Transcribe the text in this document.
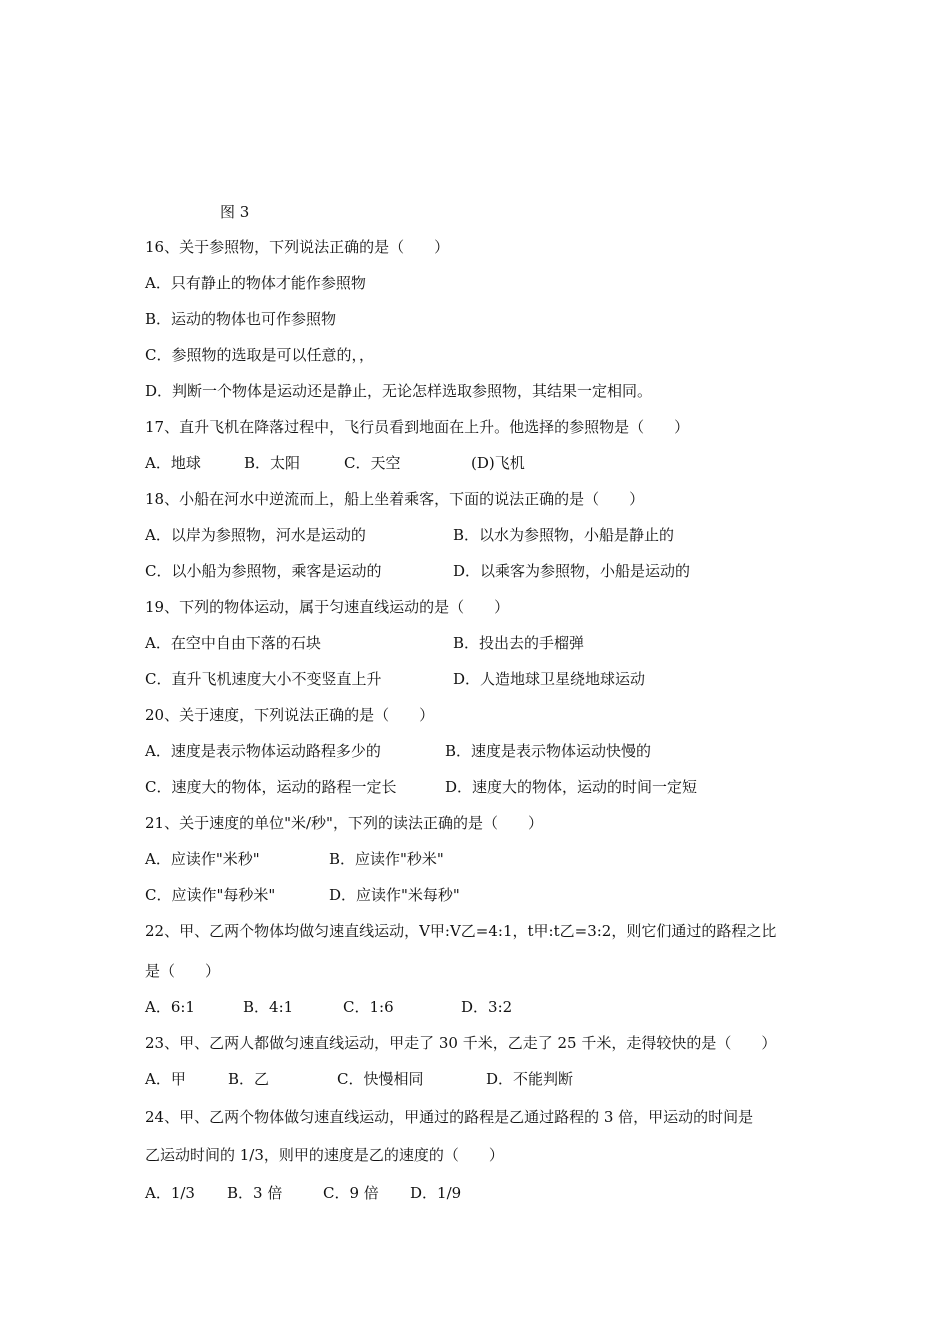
图 3
16、关于参照物，下列说法正确的是（　　）
A．只有静止的物体才能作参照物
B．运动的物体也可作参照物
C．参照物的选取是可以任意的，，
D．判断一个物体是运动还是静止，无论怎样选取参照物，其结果一定相同。
17、直升飞机在降落过程中，飞行员看到地面在上升。他选择的参照物是（　　）
A．地球	B．太阳	C．天空	(D)飞机
18、小船在河水中逆流而上，船上坐着乘客，下面的说法正确的是（　　）
A．以岸为参照物，河水是运动的	B．以水为参照物，小船是静止的
C．以小船为参照物，乘客是运动的	D．以乘客为参照物，小船是运动的
19、下列的物体运动，属于匀速直线运动的是（　　）
A．在空中自由下落的石块	B．投出去的手榴弹
C．直升飞机速度大小不变竖直上升	D．人造地球卫星绕地球运动
20、关于速度，下列说法正确的是（　　）
A．速度是表示物体运动路程多少的	B．速度是表示物体运动快慢的
C．速度大的物体，运动的路程一定长	D．速度大的物体，运动的时间一定短
21、关于速度的单位"米/秒"，下列的读法正确的是（　　）
A．应读作"米秒"	B．应读作"秒米"
C．应读作"每秒米"	D．应读作"米每秒"
22、甲、乙两个物体均做匀速直线运动，V甲:V乙=4:1，t甲:t乙=3:2，则它们通过的路程之比
是（　　）
A．6:1	B．4:1	C．1:6	D．3:2
23、甲、乙两人都做匀速直线运动，甲走了 30 千米，乙走了 25 千米，走得较快的是（　　）
A．甲	B．乙	C．快慢相同	D．不能判断
24、甲、乙两个物体做匀速直线运动，甲通过的路程是乙通过路程的 3 倍，甲运动的时间是
乙运动时间的 1/3，则甲的速度是乙的速度的（　　）
A．1/3 B．3 倍	C．9 倍 D．1/9
